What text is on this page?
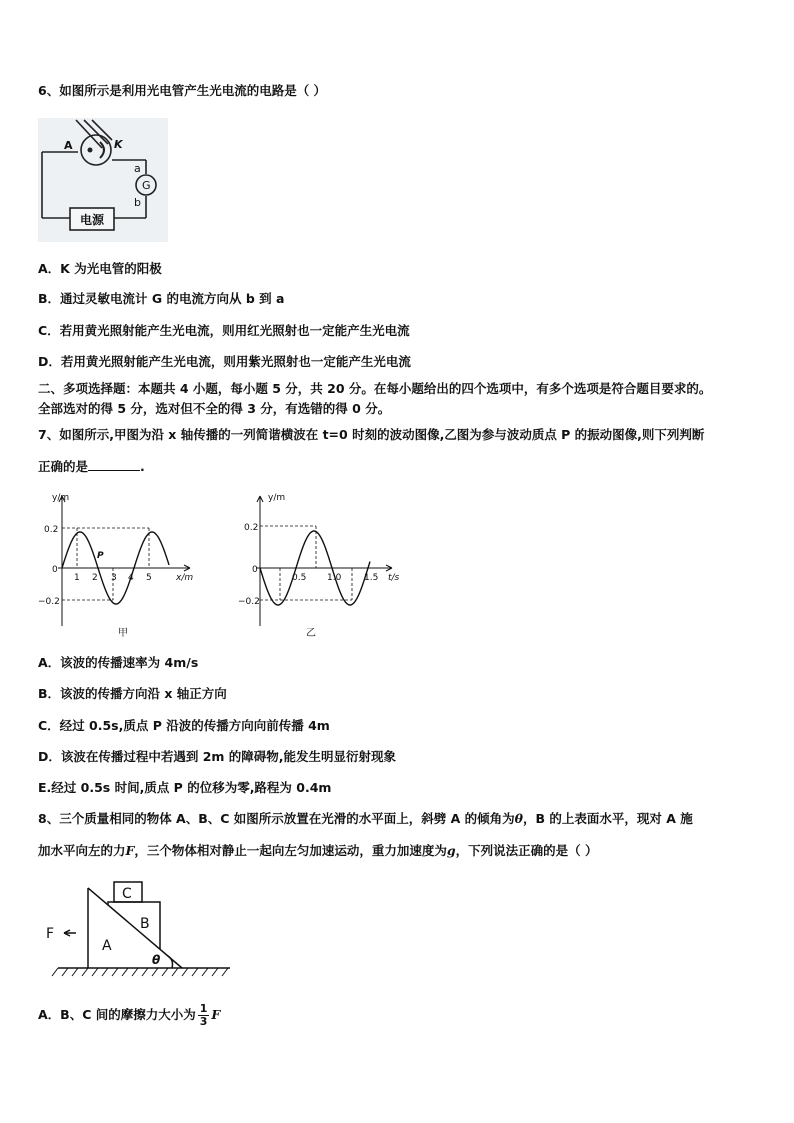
6、如图所示是利用光电管产生光电流的电路是（ ）
A	K
a
b
G
电源
A．K 为光电管的阳极
B．通过灵敏电流计 G 的电流方向从 b 到 a
C．若用黄光照射能产生光电流，则用红光照射也一定能产生光电流
D．若用黄光照射能产生光电流，则用紫光照射也一定能产生光电流
二、多项选择题：本题共 4 小题，每小题 5 分，共 20 分。在每小题给出的四个选项中，有多个选项是符合题目要求的。
全部选对的得 5 分，选对但不全的得 3 分，有选错的得 0 分。
7、如图所示,甲图为沿 x 轴传播的一列简谐横波在 t=0 时刻的波动图像,乙图为参与波动质点 P 的振动图像,则下列判断
正确的是	.
y/m
x/m
0.2
0
−0.2
1 2 3 4 5
P
甲
y/m
t/s
0.2
0
−0.2
0.5 1.0	1.5
乙
A．该波的传播速率为 4m/s
B．该波的传播方向沿 x 轴正方向
C．经过 0.5s,质点 P 沿波的传播方向向前传播 4m
D．该波在传播过程中若遇到 2m 的障碍物,能发生明显衍射现象
E.经过 0.5s 时间,质点 P 的位移为零,路程为 0.4m
8、三个质量相同的物体 A、B、C 如图所示放置在光滑的水平面上，斜劈 A 的倾角为θ，B 的上表面水平，现对 A 施
加水平向左的力F，三个物体相对静止一起向左匀加速运动，重力加速度为g，下列说法正确的是（ ）
C
B
A
F
θ
A．B、C 间的摩擦力大小为 $\frac{1}{3}$ F
